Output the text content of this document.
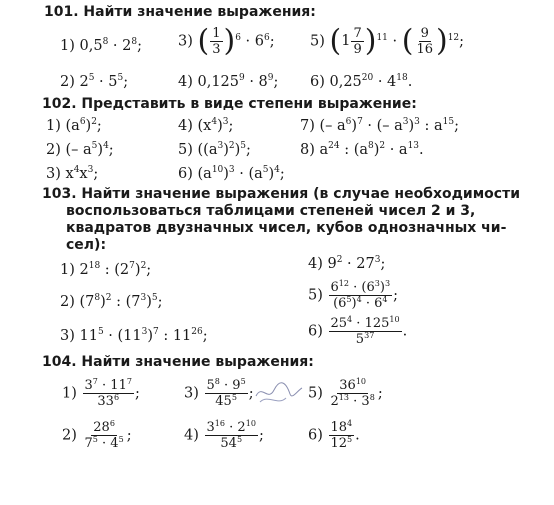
101. Найти значение выражения:
1) $0,5^8 \cdot 2^8$; 3) ( $\frac{1}{3} )^6 \cdot 6^6$; 5) ( $1 \frac{7}{9} )^{11}$ · ( $\frac{9}{16} )^{12}$;
2) $2^5 \cdot 5^5$;	4) $0,125^9 \cdot 8^9$; 6) $0,25^{20} \cdot 4^{18}$.
102. Представить в виде степени выражение:
1) $(a^6)^2$;	4) $(x^4)^3$;	7) (– $a^6)^7$ · (– $a^3)^3$ : $a^{15}$;
2) (– $a^5)^4$;	5) $((a^3)^2)^5$;	8) $a^{24}$ : $(a^8)^2 \cdot a^{13}$.
3) $x^4x^3$;	6) $(a^{10})^3 \cdot (a^5)^4$;
103. Найти значение выражения (в случае необходимости
воспользоваться таблицами степеней чисел 2 и 3,
квадратов двузначных чисел, кубов однозначных чи-
сел):
1) $2^{18}$ : $(2^7)^2$;	4) $9^2 \cdot 27^3$;
2) $(7^8)^2$ : $(7^3)^5$;	$5) \frac{6^{12} \cdot (6^3)^3}{(6^5)^4 \cdot 6^4}$ ;
3) $11^5 \cdot (11^3)^7$ : $11^{26}$;	$6) \frac{25^4 \cdot 125^{10}}{5^{37}}$ .
104. Найти значение выражения:
$1) \frac{3^7 \cdot 11^7}{33^6}$ ;	$3) \frac{5^8 \cdot 9^5}{45^5}$ ;	$5) \frac{36^{10}}{2^{13} \cdot 3^8}$ ;
$2) \frac{28^6}{7^5 \cdot 4^5}$ ;	$4) \frac{3^{16} \cdot 2^{10}}{54^5}$ ;	$6) \frac{18^4}{12^5}$ .
